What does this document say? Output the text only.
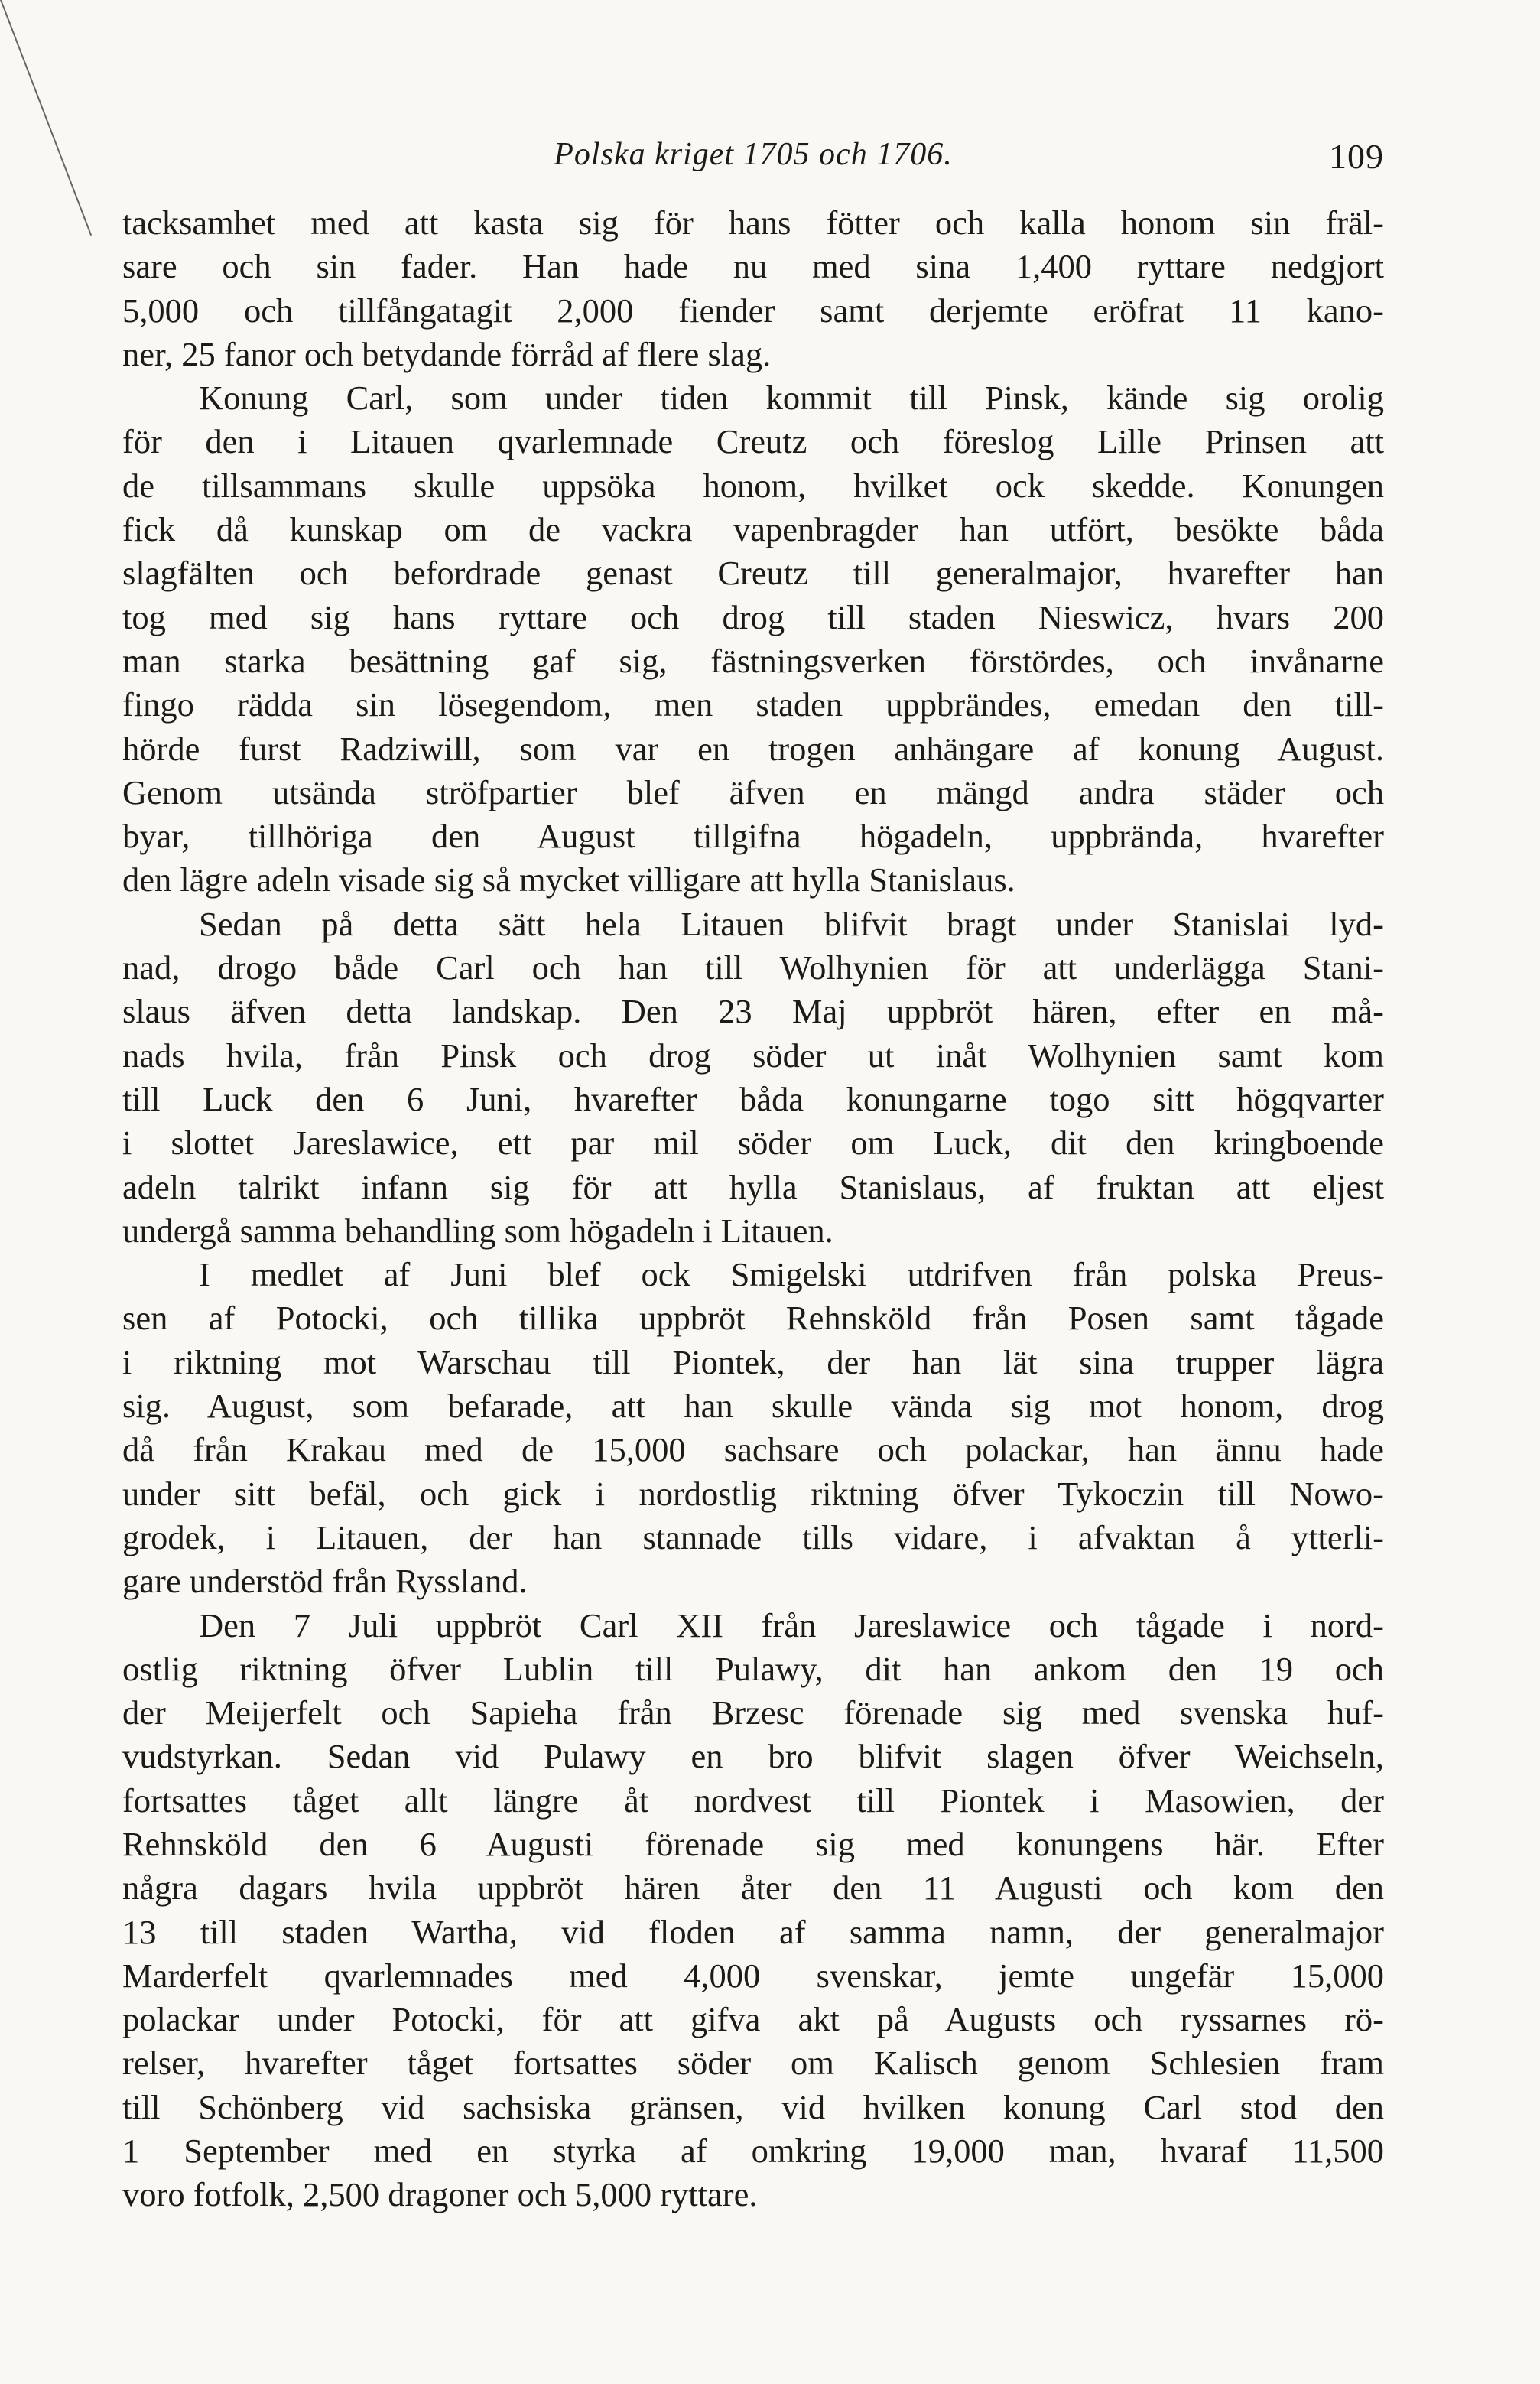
Polska kriget 1705 och 1706.	109
tacksamhet med att kasta sig för hans fötter och kalla honom sin fräl-
sare och sin fader. Han hade nu med sina 1,400 ryttare nedgjort
5,000 och tillfångatagit 2,000 fiender samt derjemte eröfrat 11 kano-
ner, 25 fanor och betydande förråd af flere slag.
Konung Carl, som under tiden kommit till Pinsk, kände sig orolig
för den i Litauen qvarlemnade Creutz och föreslog Lille Prinsen att
de tillsammans skulle uppsöka honom, hvilket ock skedde. Konungen
fick då kunskap om de vackra vapenbragder han utfört, besökte båda
slagfälten och befordrade genast Creutz till generalmajor, hvarefter han
tog med sig hans ryttare och drog till staden Nieswicz, hvars 200
man starka besättning gaf sig, fästningsverken förstördes, och invånarne
fingo rädda sin lösegendom, men staden uppbrändes, emedan den till-
hörde furst Radziwill, som var en trogen anhängare af konung August.
Genom utsända ströfpartier blef äfven en mängd andra städer och
byar, tillhöriga den August tillgifna högadeln, uppbrända, hvarefter
den lägre adeln visade sig så mycket villigare att hylla Stanislaus.
Sedan på detta sätt hela Litauen blifvit bragt under Stanislai lyd-
nad, drogo både Carl och han till Wolhynien för att underlägga Stani-
slaus äfven detta landskap. Den 23 Maj uppbröt hären, efter en må-
nads hvila, från Pinsk och drog söder ut inåt Wolhynien samt kom
till Luck den 6 Juni, hvarefter båda konungarne togo sitt högqvarter
i slottet Jareslawice, ett par mil söder om Luck, dit den kringboende
adeln talrikt infann sig för att hylla Stanislaus, af fruktan att eljest
undergå samma behandling som högadeln i Litauen.
I medlet af Juni blef ock Smigelski utdrifven från polska Preus-
sen af Potocki, och tillika uppbröt Rehnsköld från Posen samt tågade
i riktning mot Warschau till Piontek, der han lät sina trupper lägra
sig. August, som befarade, att han skulle vända sig mot honom, drog
då från Krakau med de 15,000 sachsare och polackar, han ännu hade
under sitt befäl, och gick i nordostlig riktning öfver Tykoczin till Nowo-
grodek, i Litauen, der han stannade tills vidare, i afvaktan å ytterli-
gare understöd från Ryssland.
Den 7 Juli uppbröt Carl XII från Jareslawice och tågade i nord-
ostlig riktning öfver Lublin till Pulawy, dit han ankom den 19 och
der Meijerfelt och Sapieha från Brzesc förenade sig med svenska huf-
vudstyrkan. Sedan vid Pulawy en bro blifvit slagen öfver Weichseln,
fortsattes tåget allt längre åt nordvest till Piontek i Masowien, der
Rehnsköld den 6 Augusti förenade sig med konungens här. Efter
några dagars hvila uppbröt hären åter den 11 Augusti och kom den
13 till staden Wartha, vid floden af samma namn, der generalmajor
Marderfelt qvarlemnades med 4,000 svenskar, jemte ungefär 15,000
polackar under Potocki, för att gifva akt på Augusts och ryssarnes rö-
relser, hvarefter tåget fortsattes söder om Kalisch genom Schlesien fram
till Schönberg vid sachsiska gränsen, vid hvilken konung Carl stod den
1 September med en styrka af omkring 19,000 man, hvaraf 11,500
voro fotfolk, 2,500 dragoner och 5,000 ryttare.
